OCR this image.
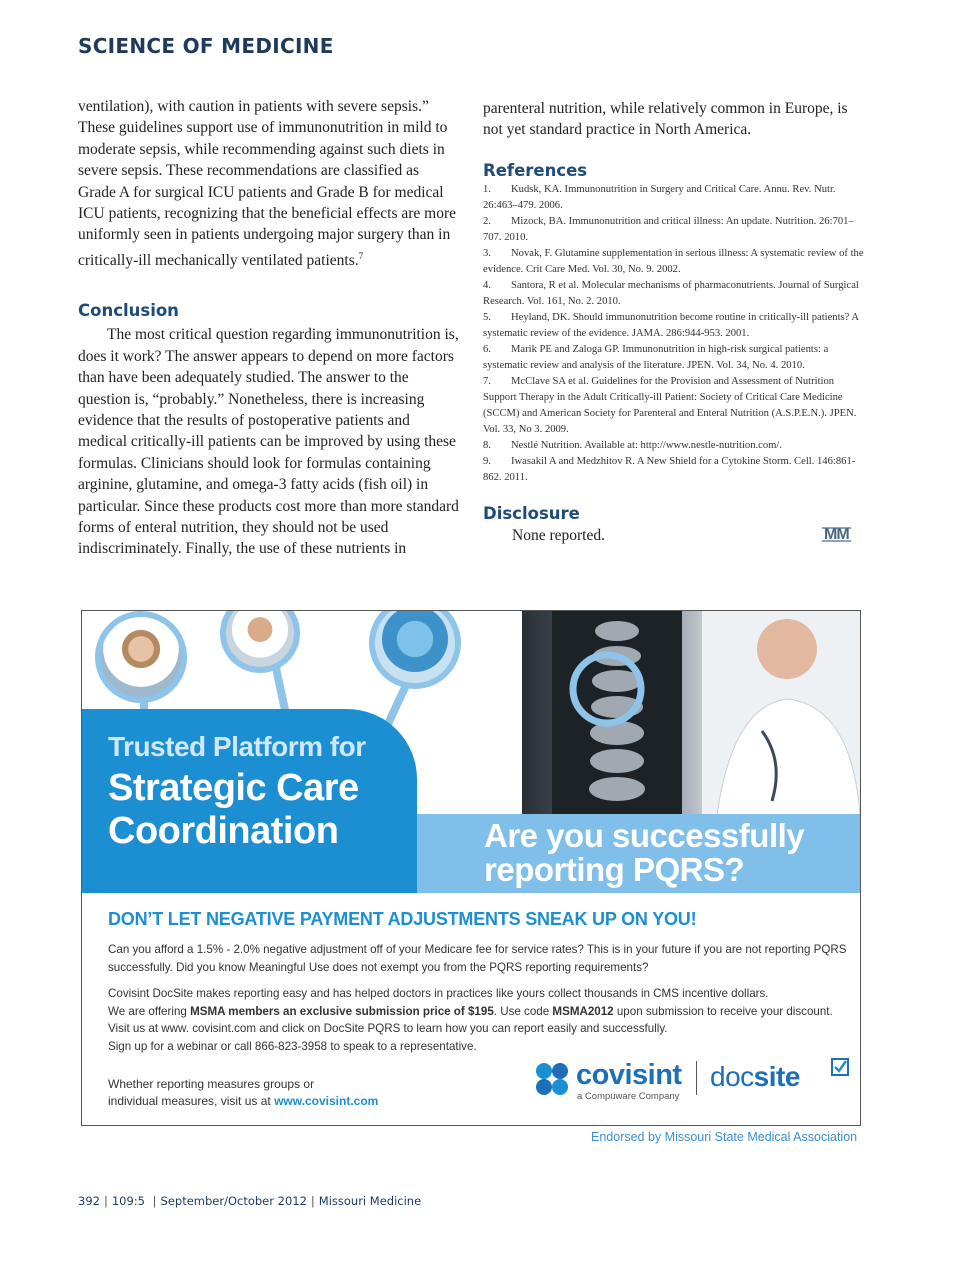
SCIENCE OF MEDICINE

ventilation), with caution in patients with severe sepsis.” These guidelines support use of immunonutrition in mild to moderate sepsis, while recommending against such diets in severe sepsis. These recommendations are classified as Grade A for surgical ICU patients and Grade B for medical ICU patients, recognizing that the beneficial effects are more uniformly seen in patients undergoing major surgery than in critically-ill mechanically ventilated patients.$^7$

Conclusion

The most critical question regarding immunonutrition is, does it work? The answer appears to depend on more factors than have been adequately studied. The answer to the question is, “probably.” Nonetheless, there is increasing evidence that the results of postoperative patients and medical critically-ill patients can be improved by using these formulas. Clinicians should look for formulas containing arginine, glutamine, and omega-3 fatty acids (fish oil) in particular. Since these products cost more than more standard forms of enteral nutrition, they should not be used indiscriminately. Finally, the use of these nutrients in

parenteral nutrition, while relatively common in Europe, is not yet standard practice in North America.

References
1. Kudsk, KA. Immunonutrition in Surgery and Critical Care. Annu. Rev. Nutr. 26:463–479. 2006.
2. Mizock, BA. Immunonutrition and critical illness: An update. Nutrition. 26:701–707. 2010.
3. Novak, F. Glutamine supplementation in serious illness: A systematic review of the evidence. Crit Care Med. Vol. 30, No. 9. 2002.
4. Santora, R et al. Molecular mechanisms of pharmaconutrients. Journal of Surgical Research. Vol. 161, No. 2. 2010.
5. Heyland, DK. Should immunonutrition become routine in critically-ill patients? A systematic review of the evidence. JAMA. 286:944-953. 2001.
6. Marik PE and Zaloga GP. Immunonutrition in high-risk surgical patients: a systematic review and analysis of the literature. JPEN. Vol. 34, No. 4. 2010.
7. McClave SA et al. Guidelines for the Provision and Assessment of Nutrition Support Therapy in the Adult Critically-ill Patient: Society of Critical Care Medicine (SCCM) and American Society for Parenteral and Enteral Nutrition (A.S.P.E.N.). JPEN. Vol. 33, No 3. 2009.
8. Nestlé Nutrition. Available at: http://www.nestle-nutrition.com/.
9. Iwasakil A and Medzhitov R. A New Shield for a Cytokine Storm. Cell. 146:861-862. 2011.
Disclosure

None reported.	MM
Trusted Platform for
Strategic Care Coordination	Are you successfully reporting PQRS?
DON’T LET NEGATIVE PAYMENT ADJUSTMENTS SNEAK UP ON YOU!

Can you afford a 1.5% - 2.0% negative adjustment off of your Medicare fee for service rates? This is in your future if you are not reporting PQRS successfully. Did you know Meaningful Use does not exempt you from the PQRS reporting requirements?

Covisint DocSite makes reporting easy and has helped doctors in practices like yours collect thousands in CMS incentive dollars.
We are offering MSMA members an exclusive submission price of $195. Use code MSMA2012 upon submission to receive your discount.
Visit us at www. covisint.com and click on DocSite PQRS to learn how you can report easily and successfully.
Sign up for a webinar or call 866-823-3958 to speak to a representative.

Whether reporting measures groups or
individual measures, visit us at www.covisint.com
covisint
a Compuware Company
docsite
Endorsed by Missouri State Medical Association
392 | 109:5 | September/October 2012 | Missouri Medicine
